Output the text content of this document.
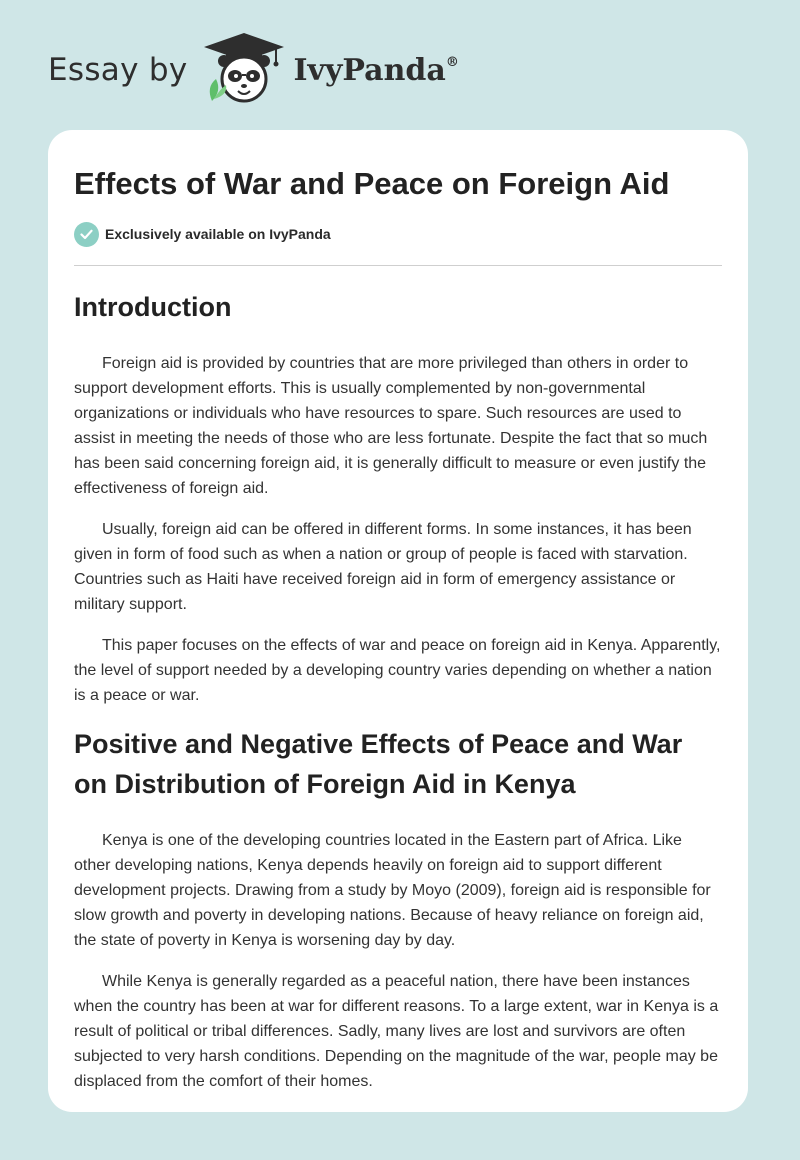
Essay by	IvyPanda®
Effects of War and Peace on Foreign Aid
Exclusively available on IvyPanda
Introduction

Foreign aid is provided by countries that are more privileged than others in order to support development efforts. This is usually complemented by non-governmental organizations or individuals who have resources to spare. Such resources are used to assist in meeting the needs of those who are less fortunate. Despite the fact that so much has been said concerning foreign aid, it is generally difficult to measure or even justify the effectiveness of foreign aid.

Usually, foreign aid can be offered in different forms. In some instances, it has been given in form of food such as when a nation or group of people is faced with starvation. Countries such as Haiti have received foreign aid in form of emergency assistance or military support.

This paper focuses on the effects of war and peace on foreign aid in Kenya. Apparently, the level of support needed by a developing country varies depending on whether a nation is a peace or war.

Positive and Negative Effects of Peace and War on Distribution of Foreign Aid in Kenya

Kenya is one of the developing countries located in the Eastern part of Africa. Like other developing nations, Kenya depends heavily on foreign aid to support different development projects. Drawing from a study by Moyo (2009), foreign aid is responsible for slow growth and poverty in developing nations. Because of heavy reliance on foreign aid, the state of poverty in Kenya is worsening day by day.

While Kenya is generally regarded as a peaceful nation, there have been instances when the country has been at war for different reasons. To a large extent, war in Kenya is a result of political or tribal differences. Sadly, many lives are lost and survivors are often subjected to very harsh conditions. Depending on the magnitude of the war, people may be displaced from the comfort of their homes.
